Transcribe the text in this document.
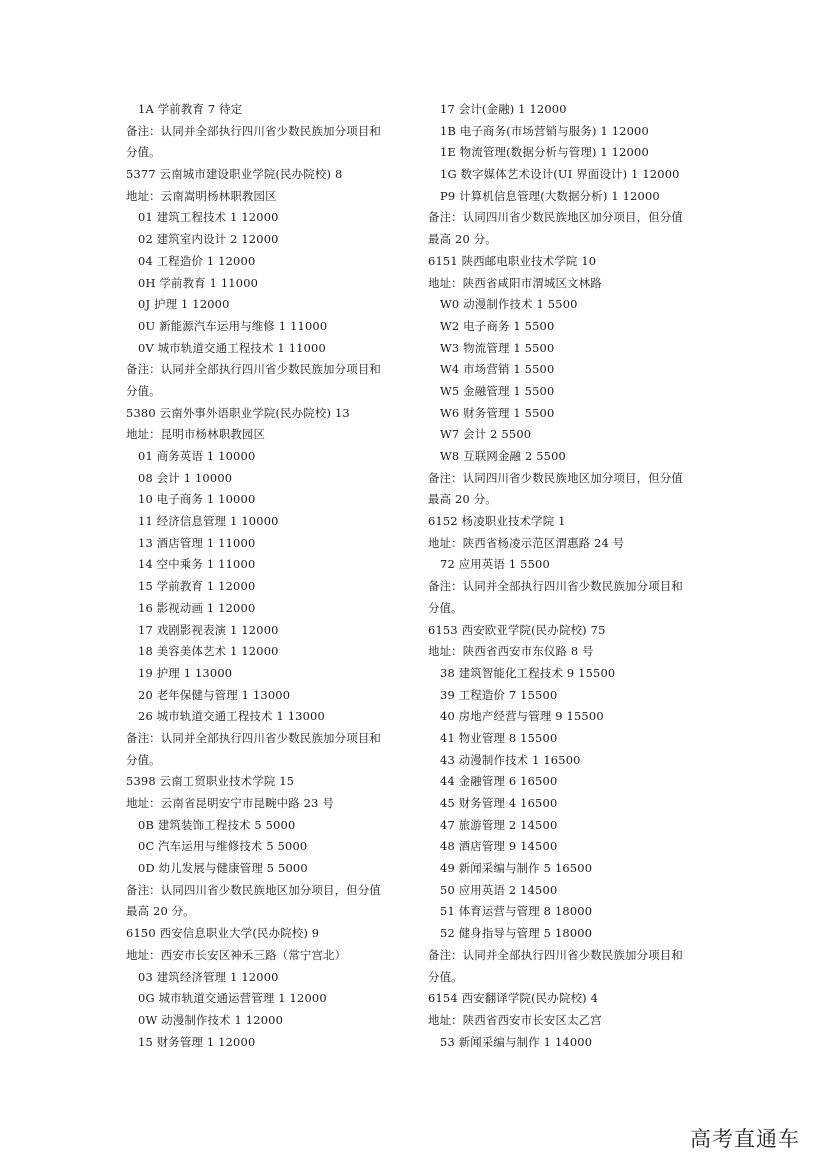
1A 学前教育 7 待定
备注：认同并全部执行四川省少数民族加分项目和
分值。
5377 云南城市建设职业学院(民办院校) 8
地址：云南嵩明杨林职教园区
01 建筑工程技术 1 12000
02 建筑室内设计 2 12000
04 工程造价 1 12000
0H 学前教育 1 11000
0J 护理 1 12000
0U 新能源汽车运用与维修 1 11000
0V 城市轨道交通工程技术 1 11000
备注：认同并全部执行四川省少数民族加分项目和
分值。
5380 云南外事外语职业学院(民办院校) 13
地址：昆明市杨林职教园区
01 商务英语 1 10000
08 会计 1 10000
10 电子商务 1 10000
11 经济信息管理 1 10000
13 酒店管理 1 11000
14 空中乘务 1 11000
15 学前教育 1 12000
16 影视动画 1 12000
17 戏剧影视表演 1 12000
18 美容美体艺术 1 12000
19 护理 1 13000
20 老年保健与管理 1 13000
26 城市轨道交通工程技术 1 13000
备注：认同并全部执行四川省少数民族加分项目和
分值。
5398 云南工贸职业技术学院 15
地址：云南省昆明安宁市昆畹中路 23 号
0B 建筑装饰工程技术 5 5000
0C 汽车运用与维修技术 5 5000
0D 幼儿发展与健康管理 5 5000
备注：认同四川省少数民族地区加分项目，但分值
最高 20 分。
6150 西安信息职业大学(民办院校) 9
地址：西安市长安区神禾三路（常宁宫北）
03 建筑经济管理 1 12000
0G 城市轨道交通运营管理 1 12000
0W 动漫制作技术 1 12000
15 财务管理 1 12000
17 会计(金融) 1 12000
1B 电子商务(市场营销与服务) 1 12000
1E 物流管理(数据分析与管理) 1 12000
1G 数字媒体艺术设计(UI 界面设计) 1 12000
P9 计算机信息管理(大数据分析) 1 12000
备注：认同四川省少数民族地区加分项目，但分值
最高 20 分。
6151 陕西邮电职业技术学院 10
地址：陕西省咸阳市渭城区文林路
W0 动漫制作技术 1 5500
W2 电子商务 1 5500
W3 物流管理 1 5500
W4 市场营销 1 5500
W5 金融管理 1 5500
W6 财务管理 1 5500
W7 会计 2 5500
W8 互联网金融 2 5500
备注：认同四川省少数民族地区加分项目，但分值
最高 20 分。
6152 杨凌职业技术学院 1
地址：陕西省杨凌示范区渭惠路 24 号
72 应用英语 1 5500
备注：认同并全部执行四川省少数民族加分项目和
分值。
6153 西安欧亚学院(民办院校) 75
地址：陕西省西安市东仪路 8 号
38 建筑智能化工程技术 9 15500
39 工程造价 7 15500
40 房地产经营与管理 9 15500
41 物业管理 8 15500
43 动漫制作技术 1 16500
44 金融管理 6 16500
45 财务管理 4 16500
47 旅游管理 2 14500
48 酒店管理 9 14500
49 新闻采编与制作 5 16500
50 应用英语 2 14500
51 体育运营与管理 8 18000
52 健身指导与管理 5 18000
备注：认同并全部执行四川省少数民族加分项目和
分值。
6154 西安翻译学院(民办院校) 4
地址：陕西省西安市长安区太乙宫
53 新闻采编与制作 1 14000
高考直通车
